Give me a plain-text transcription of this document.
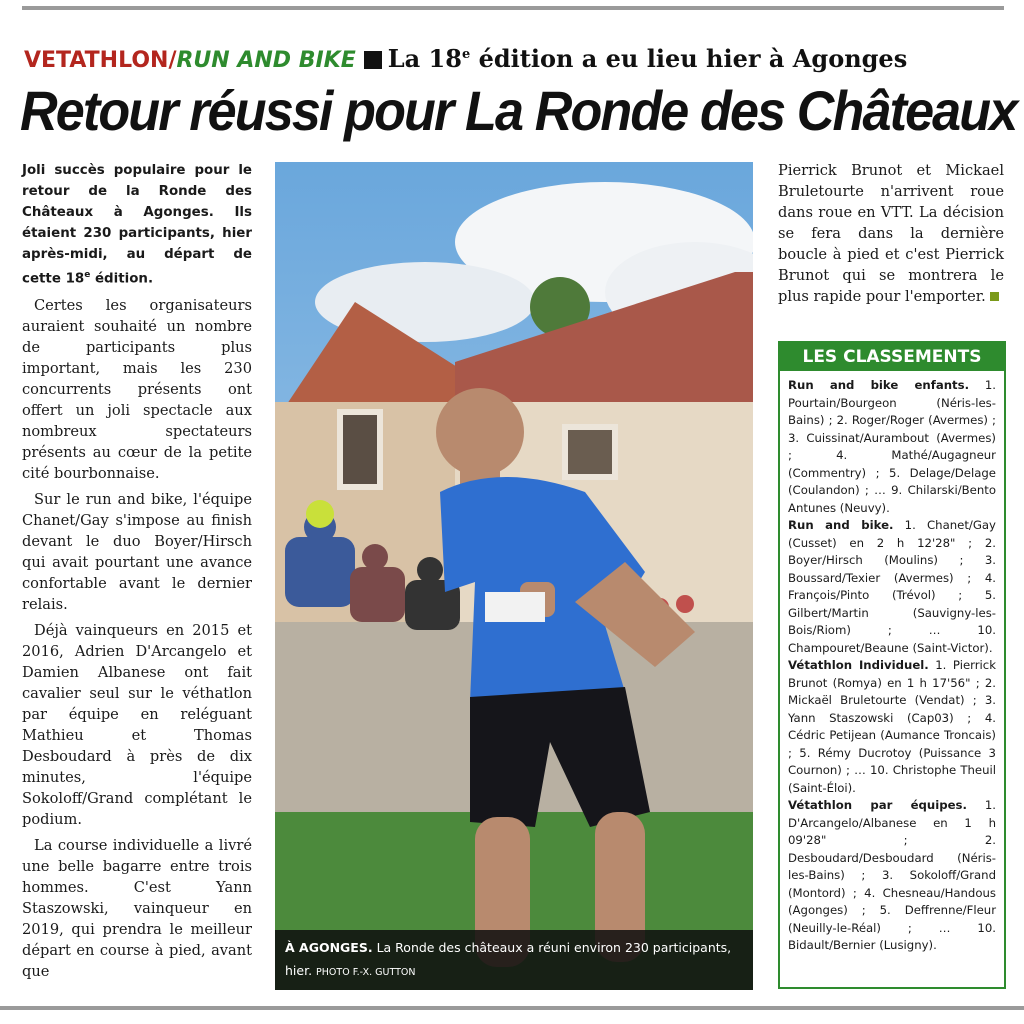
VETATHLON/RUN AND BIKE La 18e édition a eu lieu hier à Agonges
Retour réussi pour La Ronde des Châteaux

Joli succès populaire pour le retour de la Ronde des Châteaux à Agonges. Ils étaient 230 participants, hier après-midi, au départ de cette 18e édition.

Certes les organisateurs auraient souhaité un nombre de participants plus important, mais les 230 concurrents présents ont offert un joli spectacle aux nombreux spectateurs présents au cœur de la petite cité bourbonnaise.

Sur le run and bike, l'équipe Chanet/Gay s'impose au finish devant le duo Boyer/Hirsch qui avait pourtant une avance confortable avant le dernier relais.

Déjà vainqueurs en 2015 et 2016, Adrien D'Arcangelo et Damien Albanese ont fait cavalier seul sur le véthatlon par équipe en reléguant Mathieu et Thomas Desboudard à près de dix minutes, l'équipe Sokoloff/Grand complétant le podium.

La course individuelle a livré une belle bagarre entre trois hommes. C'est Yann Staszowski, vainqueur en 2019, qui prendra le meilleur départ en course à pied, avant que

À AGONGES. La Ronde des châteaux a réuni environ 230 participants, hier. PHOTO F.-X. GUTTON

Pierrick Brunot et Mickael Bruletourte n'arrivent roue dans roue en VTT. La décision se fera dans la dernière boucle à pied et c'est Pierrick Brunot qui se montrera le plus rapide pour l'emporter.

LES CLASSEMENTS

Run and bike enfants. 1. Pourtain/Bourgeon (Néris-les-Bains) ; 2. Roger/Roger (Avermes) ; 3. Cuissinat/Aurambout (Avermes) ; 4. Mathé/Augagneur (Commentry) ; 5. Delage/Delage (Coulandon) ; … 9. Chilarski/Bento Antunes (Neuvy).

Run and bike. 1. Chanet/Gay (Cusset) en 2 h 12'28" ; 2. Boyer/Hirsch (Moulins) ; 3. Boussard/Texier (Avermes) ; 4. François/Pinto (Trévol) ; 5. Gilbert/Martin (Sauvigny-les-Bois/Riom) ; … 10. Champouret/Beaune (Saint-Victor).

Vétathlon Individuel. 1. Pierrick Brunot (Romya) en 1 h 17'56" ; 2. Mickaël Bruletourte (Vendat) ; 3. Yann Staszowski (Cap03) ; 4. Cédric Petijean (Aumance Troncais) ; 5. Rémy Ducrotoy (Puissance 3 Cournon) ; … 10. Christophe Theuil (Saint-Éloi).

Vétathlon par équipes. 1. D'Arcangelo/Albanese en 1 h 09'28" ; 2. Desboudard/Desboudard (Néris-les-Bains) ; 3. Sokoloff/Grand (Montord) ; 4. Chesneau/Handous (Agonges) ; 5. Deffrenne/Fleur (Neuilly-le-Réal) ; … 10. Bidault/Bernier (Lusigny).
